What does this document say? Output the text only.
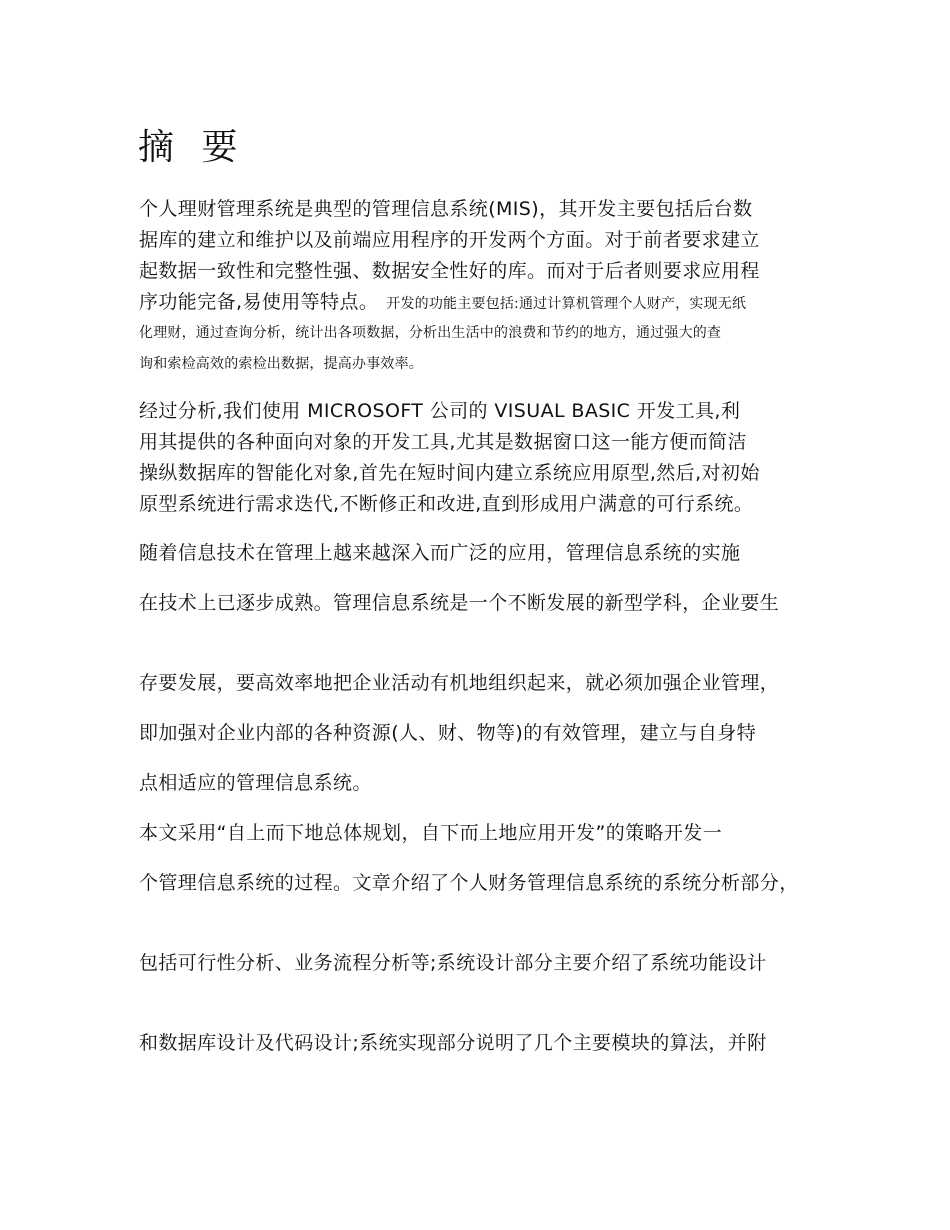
摘 要

个人理财管理系统是典型的管理信息系统(MIS)，其开发主要包括后台数

据库的建立和维护以及前端应用程序的开发两个方面。对于前者要求建立

起数据一致性和完整性强、数据安全性好的库。而对于后者则要求应用程

序功能完备,易使用等特点。 开发的功能主要包括:通过计算机管理个人财产，实现无纸

化理财，通过查询分析，统计出各项数据，分析出生活中的浪费和节约的地方，通过强大的查

询和索检高效的索检出数据，提高办事效率。

经过分析,我们使用 MICROSOFT 公司的 VISUAL BASIC 开发工具,利

用其提供的各种面向对象的开发工具,尤其是数据窗口这一能方便而简洁

操纵数据库的智能化对象,首先在短时间内建立系统应用原型,然后,对初始

原型系统进行需求迭代,不断修正和改进,直到形成用户满意的可行系统。

随着信息技术在管理上越来越深入而广泛的应用，管理信息系统的实施

在技术上已逐步成熟。管理信息系统是一个不断发展的新型学科，企业要生

存要发展，要高效率地把企业活动有机地组织起来，就必须加强企业管理，

即加强对企业内部的各种资源(人、财、物等)的有效管理，建立与自身特

点相适应的管理信息系统。

本文采用“自上而下地总体规划，自下而上地应用开发”的策略开发一

个管理信息系统的过程。文章介绍了个人财务管理信息系统的系统分析部分，

包括可行性分析、业务流程分析等;系统设计部分主要介绍了系统功能设计

和数据库设计及代码设计;系统实现部分说明了几个主要模块的算法，并附
